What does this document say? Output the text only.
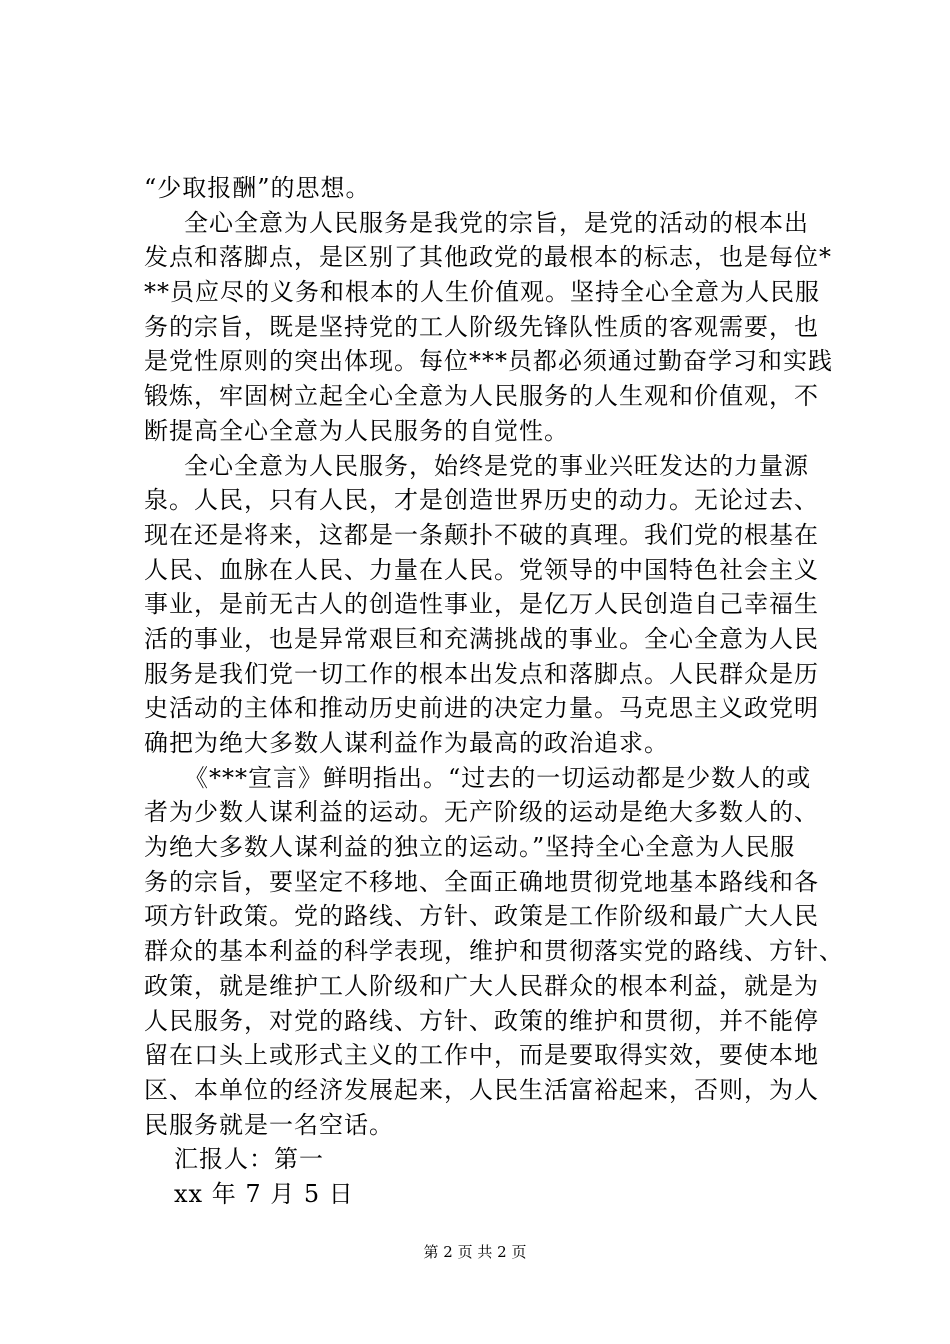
“少取报酬”的思想。
全心全意为人民服务是我党的宗旨，是党的活动的根本出
发点和落脚点，是区别了其他政党的最根本的标志，也是每位*
**员应尽的义务和根本的人生价值观。坚持全心全意为人民服
务的宗旨，既是坚持党的工人阶级先锋队性质的客观需要，也
是党性原则的突出体现。每位***员都必须通过勤奋学习和实践
锻炼，牢固树立起全心全意为人民服务的人生观和价值观，不
断提高全心全意为人民服务的自觉性。
全心全意为人民服务，始终是党的事业兴旺发达的力量源
泉。人民，只有人民，才是创造世界历史的动力。无论过去、
现在还是将来，这都是一条颠扑不破的真理。我们党的根基在
人民、血脉在人民、力量在人民。党领导的中国特色社会主义
事业，是前无古人的创造性事业，是亿万人民创造自己幸福生
活的事业，也是异常艰巨和充满挑战的事业。全心全意为人民
服务是我们党一切工作的根本出发点和落脚点。人民群众是历
史活动的主体和推动历史前进的决定力量。马克思主义政党明
确把为绝大多数人谋利益作为最高的政治追求。
《***宣言》鲜明指出。“过去的一切运动都是少数人的或
者为少数人谋利益的运动。无产阶级的运动是绝大多数人的、
为绝大多数人谋利益的独立的运动。”坚持全心全意为人民服
务的宗旨，要坚定不移地、全面正确地贯彻党地基本路线和各
项方针政策。党的路线、方针、政策是工作阶级和最广大人民
群众的基本利益的科学表现，维护和贯彻落实党的路线、方针、
政策，就是维护工人阶级和广大人民群众的根本利益，就是为
人民服务，对党的路线、方针、政策的维护和贯彻，并不能停
留在口头上或形式主义的工作中，而是要取得实效，要使本地
区、本单位的经济发展起来，人民生活富裕起来，否则，为人
民服务就是一名空话。
汇报人：第一
xx 年 7 月 5 日
第 2 页 共 2 页
